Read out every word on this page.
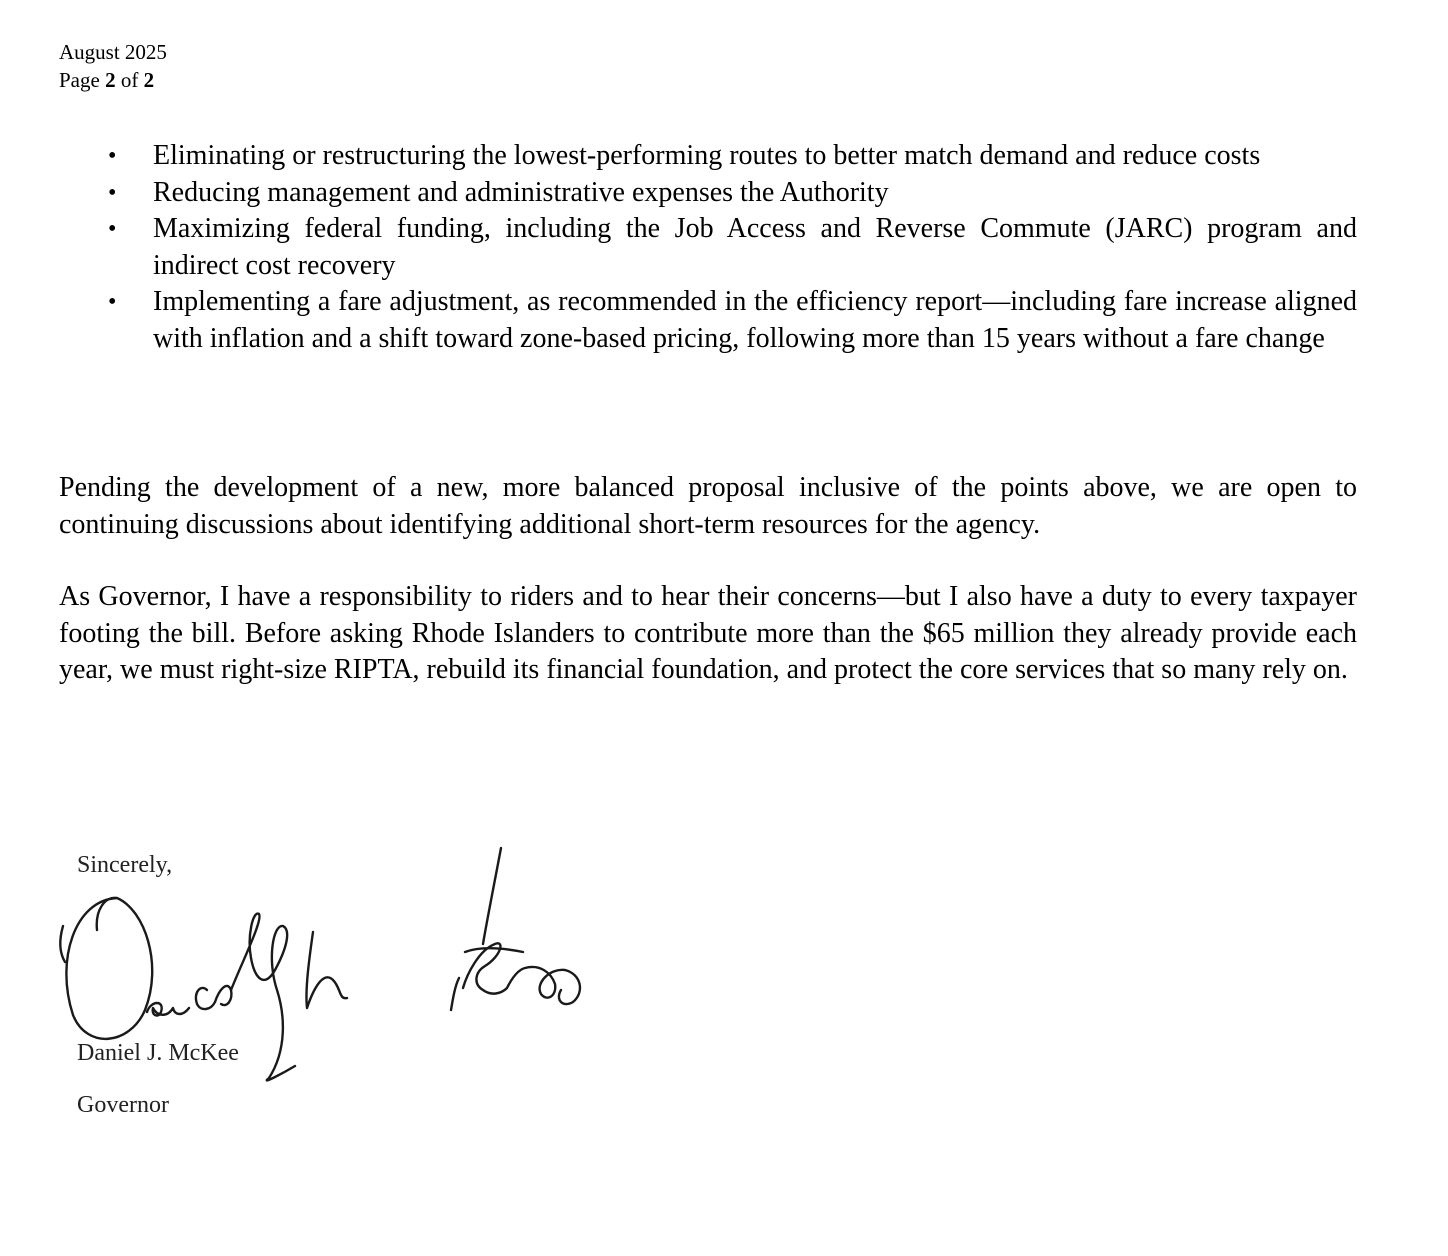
August 2025
Page 2 of 2
• Eliminating or restructuring the lowest-performing routes to better match demand and reduce costs
• Reducing management and administrative expenses the Authority
• Maximizing federal funding, including the Job Access and Reverse Commute (JARC) program and indirect cost recovery
• Implementing a fare adjustment, as recommended in the efficiency report—including fare increase aligned with inflation and a shift toward zone-based pricing, following more than 15 years without a fare change

Pending the development of a new, more balanced proposal inclusive of the points above, we are open to continuing discussions about identifying additional short-term resources for the agency.

As Governor, I have a responsibility to riders and to hear their concerns—but I also have a duty to every taxpayer footing the bill. Before asking Rhode Islanders to contribute more than the $65 million they already provide each year, we must right-size RIPTA, rebuild its financial foundation, and protect the core services that so many rely on.

Sincerely,
Daniel J. McKee
Governor
